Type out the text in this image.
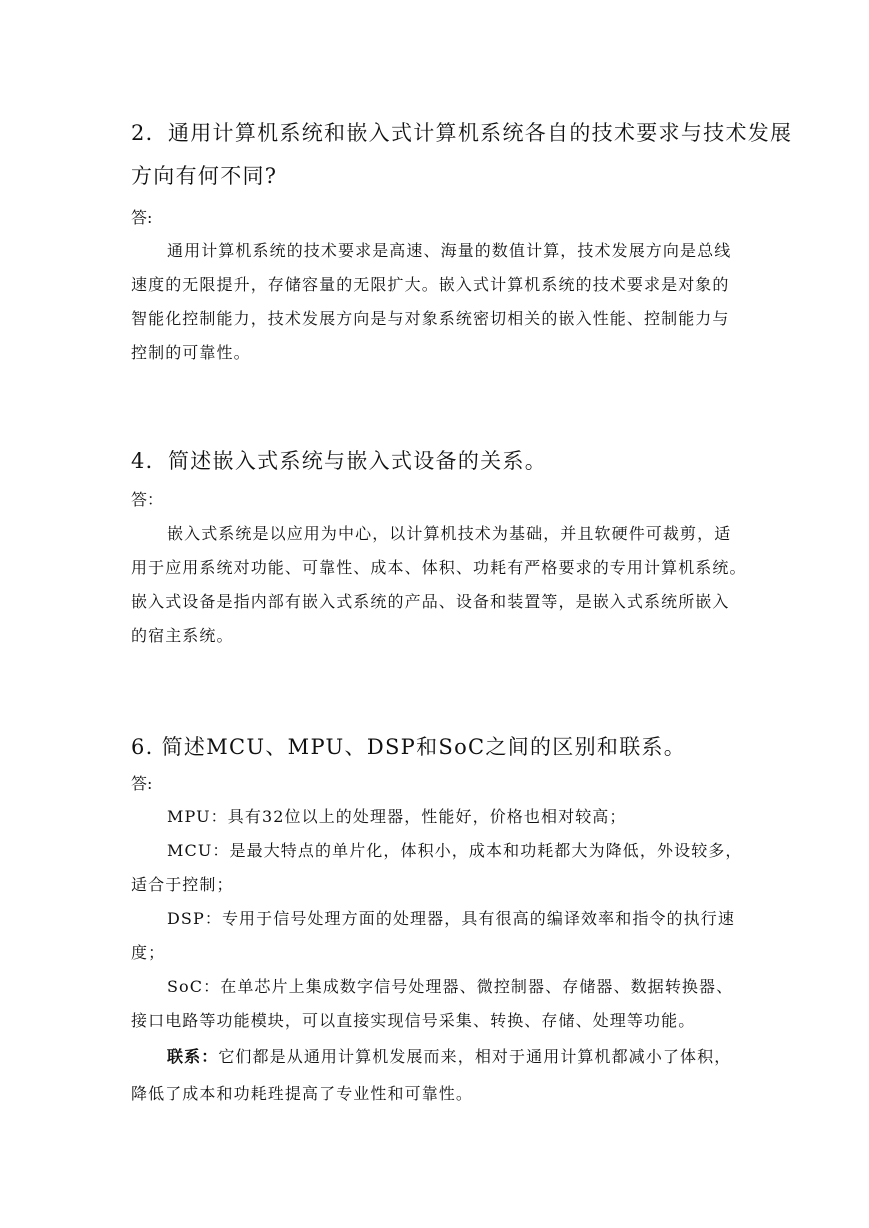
2．通用计算机系统和嵌入式计算机系统各自的技术要求与技术发展

方向有何不同?

答:

通用计算机系统的技术要求是高速、海量的数值计算，技术发展方向是总线

速度的无限提升，存储容量的无限扩大。嵌入式计算机系统的技术要求是对象的

智能化控制能力，技术发展方向是与对象系统密切相关的嵌入性能、控制能力与

控制的可靠性。

4．简述嵌入式系统与嵌入式设备的关系。

答：

嵌入式系统是以应用为中心，以计算机技术为基础，并且软硬件可裁剪，适

用于应用系统对功能、可靠性、成本、体积、功耗有严格要求的专用计算机系统。

嵌入式设备是指内部有嵌入式系统的产品、设备和装置等，是嵌入式系统所嵌入

的宿主系统。

6. 简述MCU、MPU、DSP和SoC之间的区别和联系。

答:

MPU：具有32位以上的处理器，性能好，价格也相对较高；

MCU：是最大特点的单片化，体积小，成本和功耗都大为降低，外设较多，

适合于控制；

DSP：专用于信号处理方面的处理器，具有很高的编译效率和指令的执行速

度；

SoC：在单芯片上集成数字信号处理器、微控制器、存储器、数据转换器、

接口电路等功能模块，可以直接实现信号采集、转换、存储、处理等功能。

联系：它们都是从通用计算机发展而来，相对于通用计算机都减小了体积，

降低了成本和功耗珄提高了专业性和可靠性。
